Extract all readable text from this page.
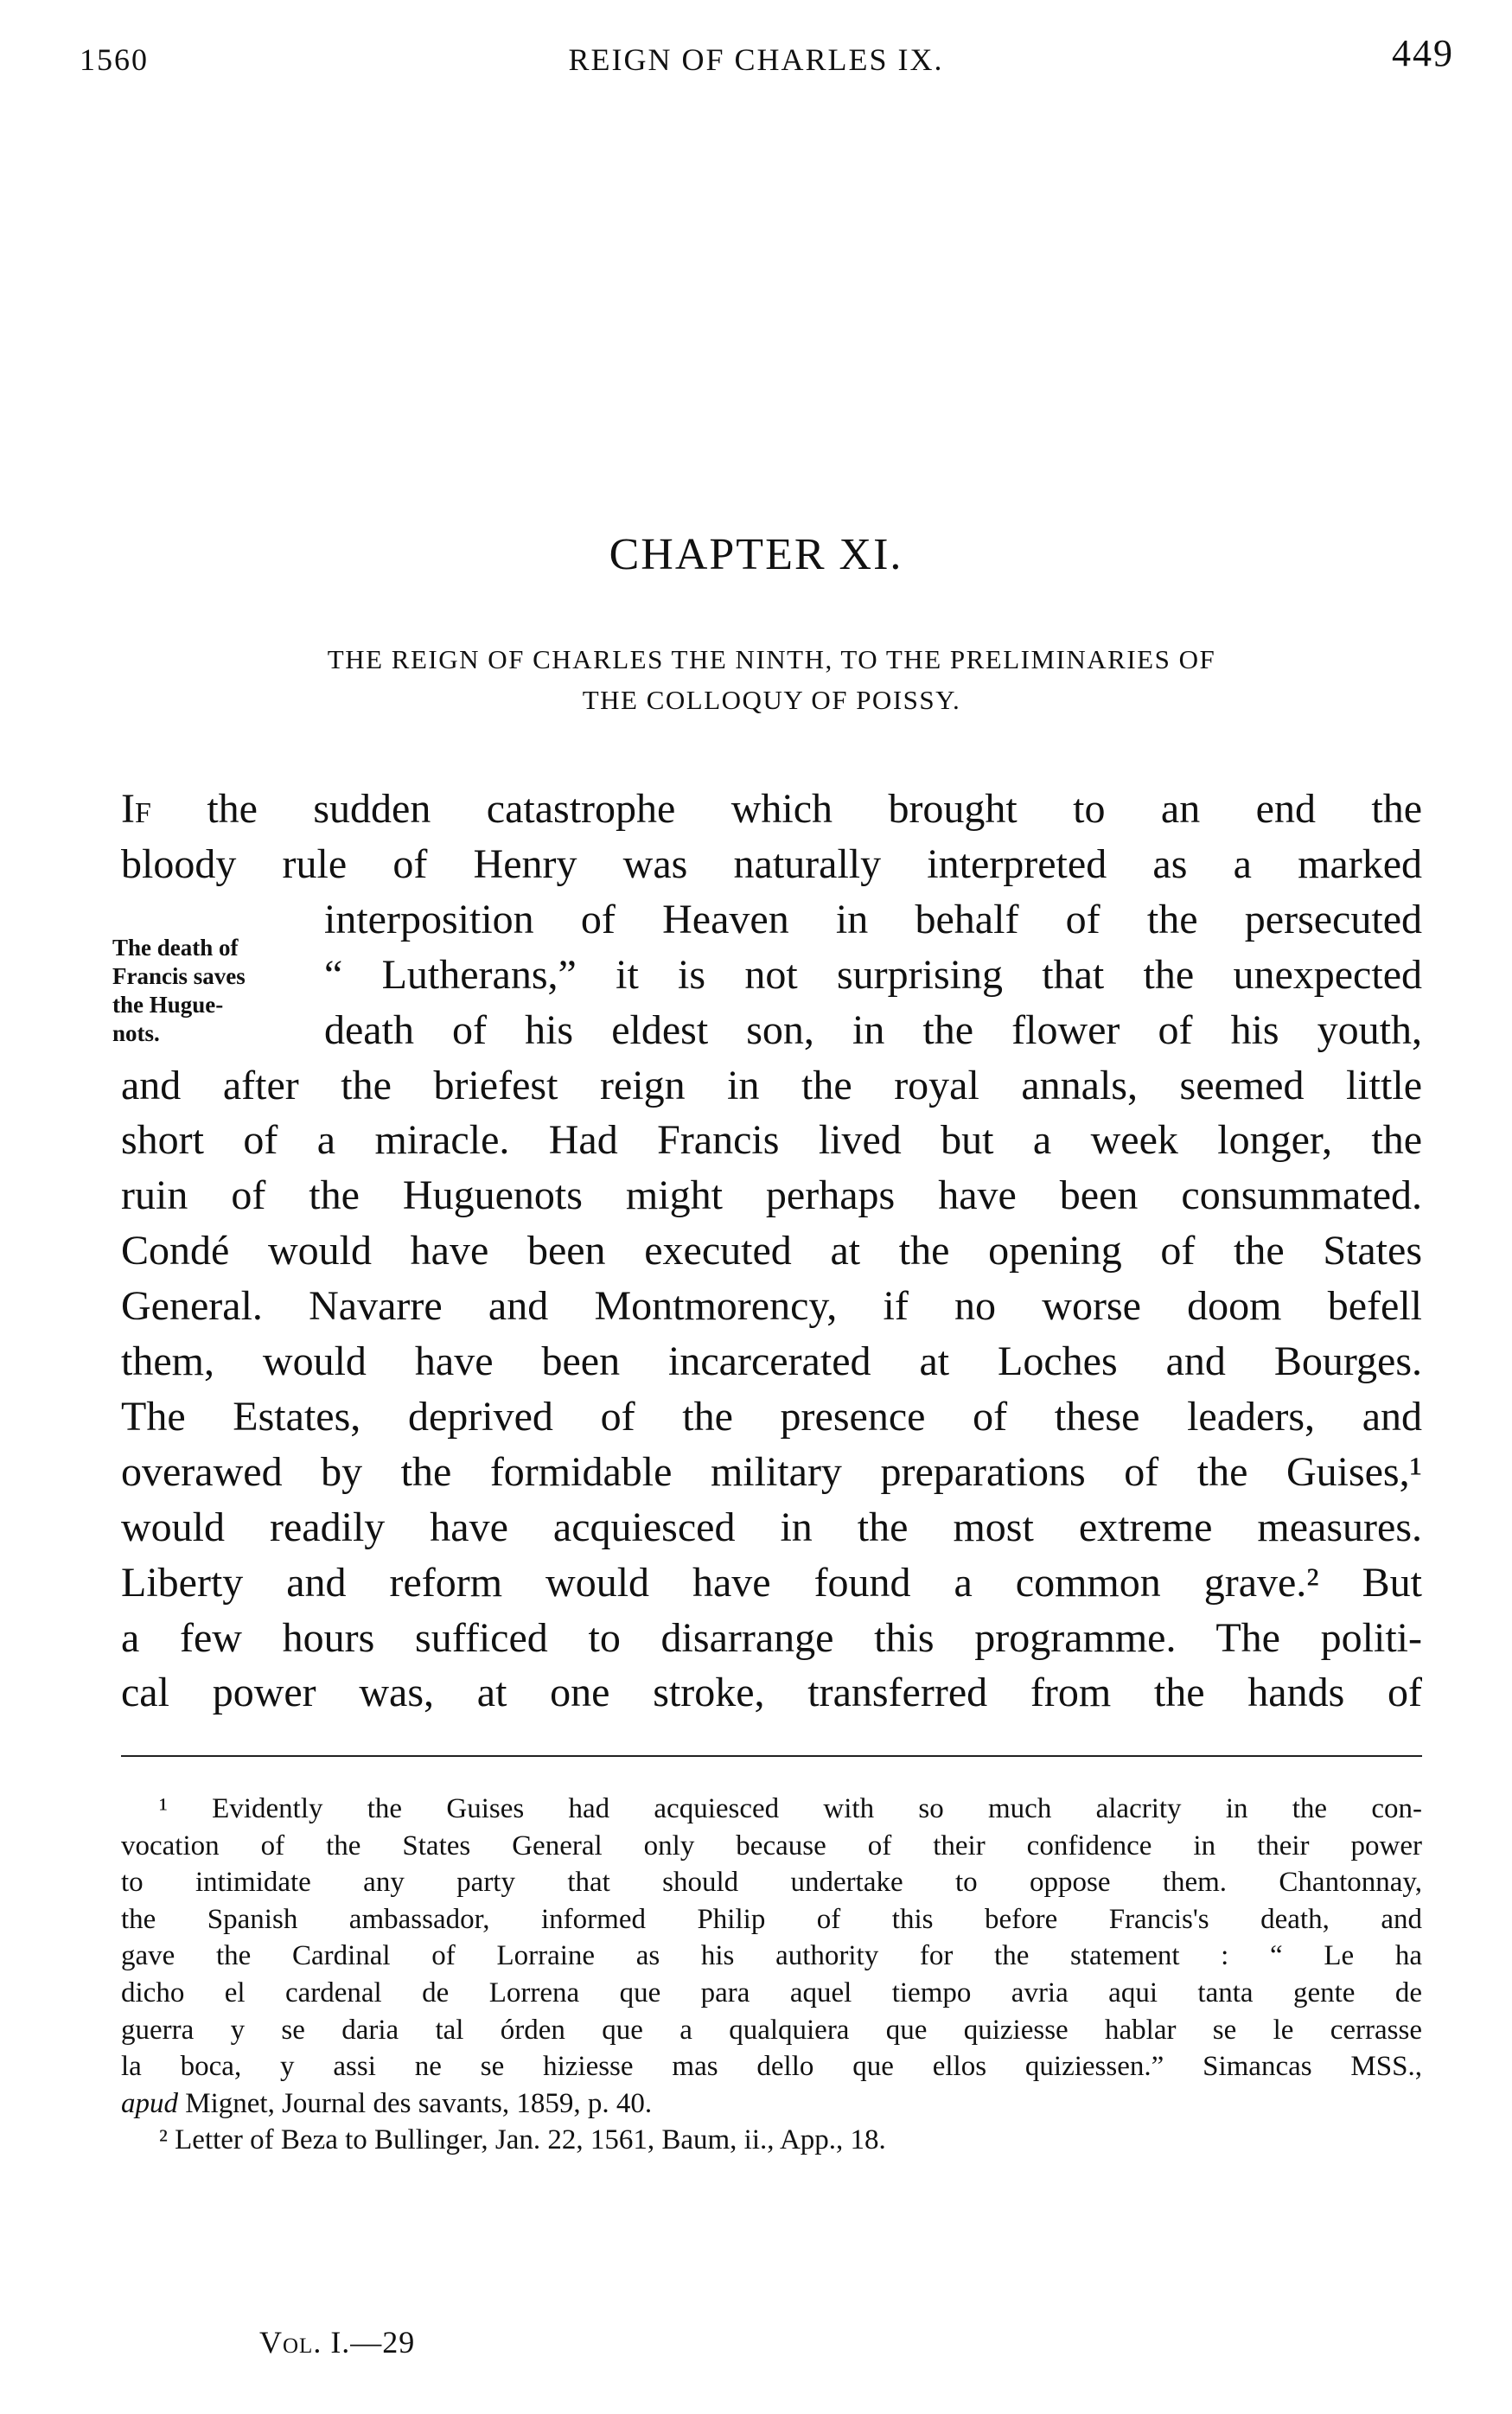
1560	REIGN OF CHARLES IX.	449
CHAPTER XI.
THE REIGN OF CHARLES THE NINTH, TO THE PRELIMINARIES OF
THE COLLOQUY OF POISSY.
The death of
Francis saves
the Hugue-
nots.
If the sudden catastrophe which brought to an end the
bloody rule of Henry was naturally interpreted as a marked
interposition of Heaven in behalf of the persecuted
“ Lutherans,” it is not surprising that the unexpected
death of his eldest son, in the flower of his youth,
and after the briefest reign in the royal annals, seemed little
short of a miracle. Had Francis lived but a week longer, the
ruin of the Huguenots might perhaps have been consummated.
Condé would have been executed at the opening of the States
General. Navarre and Montmorency, if no worse doom befell
them, would have been incarcerated at Loches and Bourges.
The Estates, deprived of the presence of these leaders, and
overawed by the formidable military preparations of the Guises,¹
would readily have acquiesced in the most extreme measures.
Liberty and reform would have found a common grave.² But
a few hours sufficed to disarrange this programme. The politi-
cal power was, at one stroke, transferred from the hands of
¹ Evidently the Guises had acquiesced with so much alacrity in the con-
vocation of the States General only because of their confidence in their power
to intimidate any party that should undertake to oppose them. Chantonnay,
the Spanish ambassador, informed Philip of this before Francis's death, and
gave the Cardinal of Lorraine as his authority for the statement : “ Le ha
dicho el cardenal de Lorrena que para aquel tiempo avria aqui tanta gente de
guerra y se daria tal órden que a qualquiera que quiziesse hablar se le cerrasse
la boca, y assi ne se hiziesse mas dello que ellos quiziessen.” Simancas MSS.,
apud Mignet, Journal des savants, 1859, p. 40.
² Letter of Beza to Bullinger, Jan. 22, 1561, Baum, ii., App., 18.
Vol. I.—29
